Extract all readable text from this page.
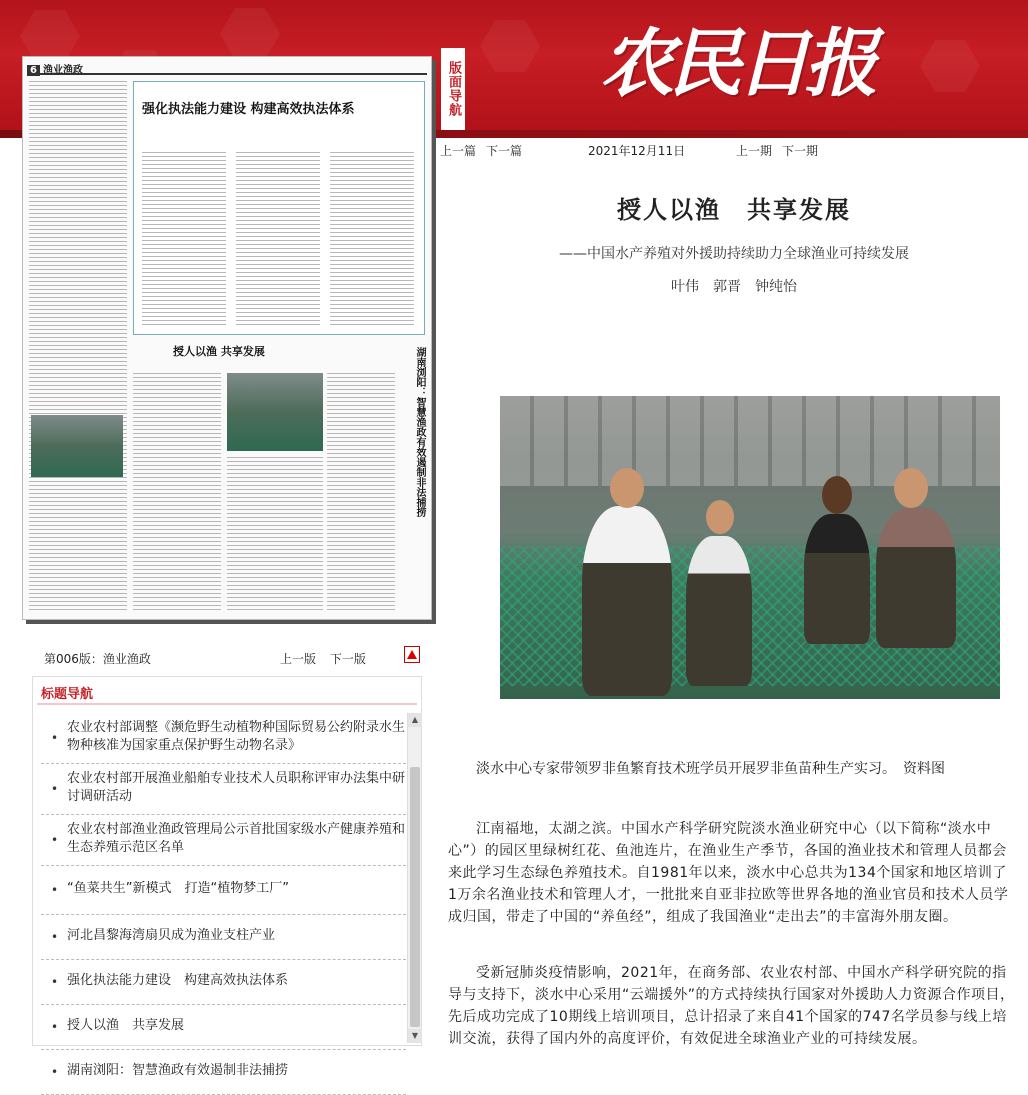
农民日报
版面导航
6 渔业渔政
强化执法能力建设 构建高效执法体系
授人以渔 共享发展	湖南浏阳：智慧渔政有效遏制非法捕捞
上一篇 下一篇	2021年12月11日	上一期 下一期
授人以渔　共享发展
——中国水产养殖对外援助持续助力全球渔业可持续发展
叶伟　郭晋　钟纯怡
淡水中心专家带领罗非鱼繁育技术班学员开展罗非鱼苗种生产实习。　资料图
江南福地，太湖之滨。中国水产科学研究院淡水渔业研究中心（以下简称“淡水中心”）的园区里绿树红花、鱼池连片，在渔业生产季节，各国的渔业技术和管理人员都会来此学习生态绿色养殖技术。自1981年以来，淡水中心总共为134个国家和地区培训了1万余名渔业技术和管理人才，一批批来自亚非拉欧等世界各地的渔业官员和技术人员学成归国，带走了中国的“养鱼经”，组成了我国渔业“走出去”的丰富海外朋友圈。
受新冠肺炎疫情影响，2021年，在商务部、农业农村部、中国水产科学研究院的指导与支持下，淡水中心采用“云端援外”的方式持续执行国家对外援助人力资源合作项目，先后成功完成了10期线上培训项目，总计招录了来自41个国家的747名学员参与线上培训交流，获得了国内外的高度评价，有效促进全球渔业产业的可持续发展。
第006版：渔业渔政	上一版 下一版
标题导航
• 农业农村部调整《濒危野生动植物种国际贸易公约附录水生物种核准为国家重点保护野生动物名录》
• 农业农村部开展渔业船舶专业技术人员职称评审办法集中研讨调研活动
• 农业农村部渔业渔政管理局公示首批国家级水产健康养殖和生态养殖示范区名单
• “鱼菜共生”新模式　打造“植物梦工厂”
• 河北昌黎海湾扇贝成为渔业支柱产业
• 强化执法能力建设　构建高效执法体系
• 授人以渔　共享发展
• 湖南浏阳：智慧渔政有效遏制非法捕捞
▲
▼
